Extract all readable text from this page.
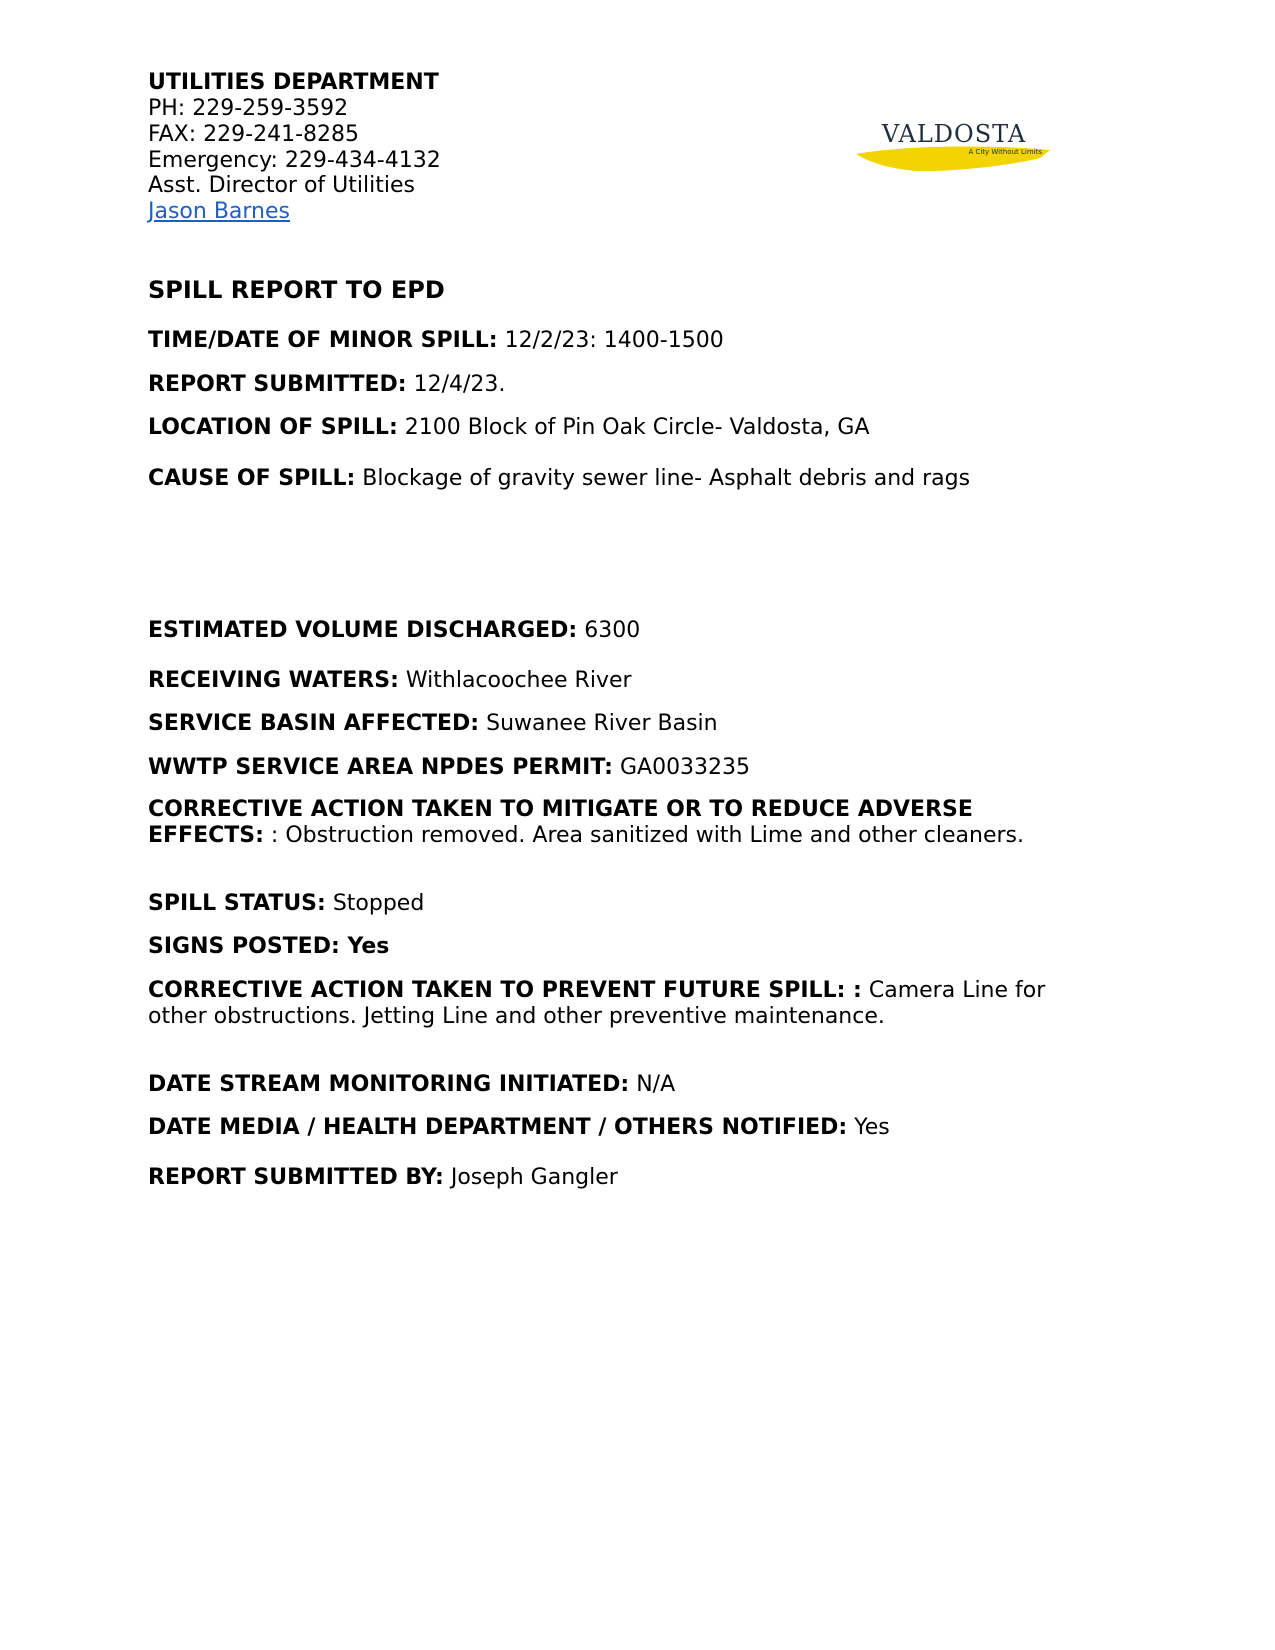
UTILITIES DEPARTMENT
PH: 229-259-3592
FAX: 229-241-8285
Emergency: 229-434-4132
Asst. Director of Utilities
Jason Barnes
VALDOSTA
A City Without Limits
SPILL REPORT TO EPD
TIME/DATE OF MINOR SPILL: 12/2/23: 1400-1500
REPORT SUBMITTED: 12/4/23.
LOCATION OF SPILL: 2100 Block of Pin Oak Circle- Valdosta, GA
CAUSE OF SPILL: Blockage of gravity sewer line- Asphalt debris and rags
ESTIMATED VOLUME DISCHARGED: 6300
RECEIVING WATERS: Withlacoochee River
SERVICE BASIN AFFECTED: Suwanee River Basin
WWTP SERVICE AREA NPDES PERMIT: GA0033235
CORRECTIVE ACTION TAKEN TO MITIGATE OR TO REDUCE ADVERSE
EFFECTS: : Obstruction removed. Area sanitized with Lime and other cleaners.
SPILL STATUS: Stopped
SIGNS POSTED: Yes
CORRECTIVE ACTION TAKEN TO PREVENT FUTURE SPILL: : Camera Line for other obstructions. Jetting Line and other preventive maintenance.
DATE STREAM MONITORING INITIATED: N/A
DATE MEDIA / HEALTH DEPARTMENT / OTHERS NOTIFIED: Yes
REPORT SUBMITTED BY: Joseph Gangler
